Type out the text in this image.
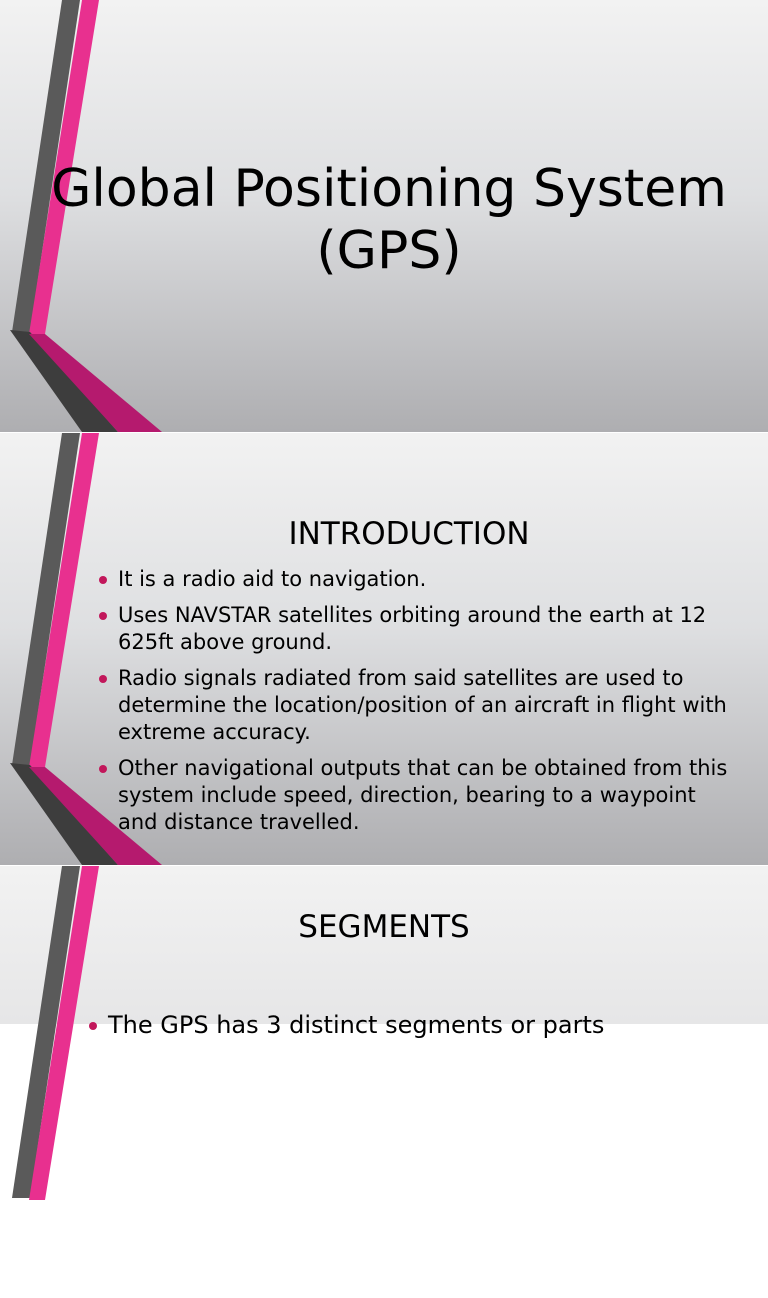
Global Positioning System
(GPS)
INTRODUCTION
It is a radio aid to navigation.
Uses NAVSTAR satellites orbiting around the earth at 12 625ft above ground.
Radio signals radiated from said satellites are used to determine the location/position of an aircraft in flight with extreme accuracy.
Other navigational outputs that can be obtained from this system include speed, direction, bearing to a waypoint and distance travelled.
SEGMENTS
The GPS has 3 distinct segments or parts
